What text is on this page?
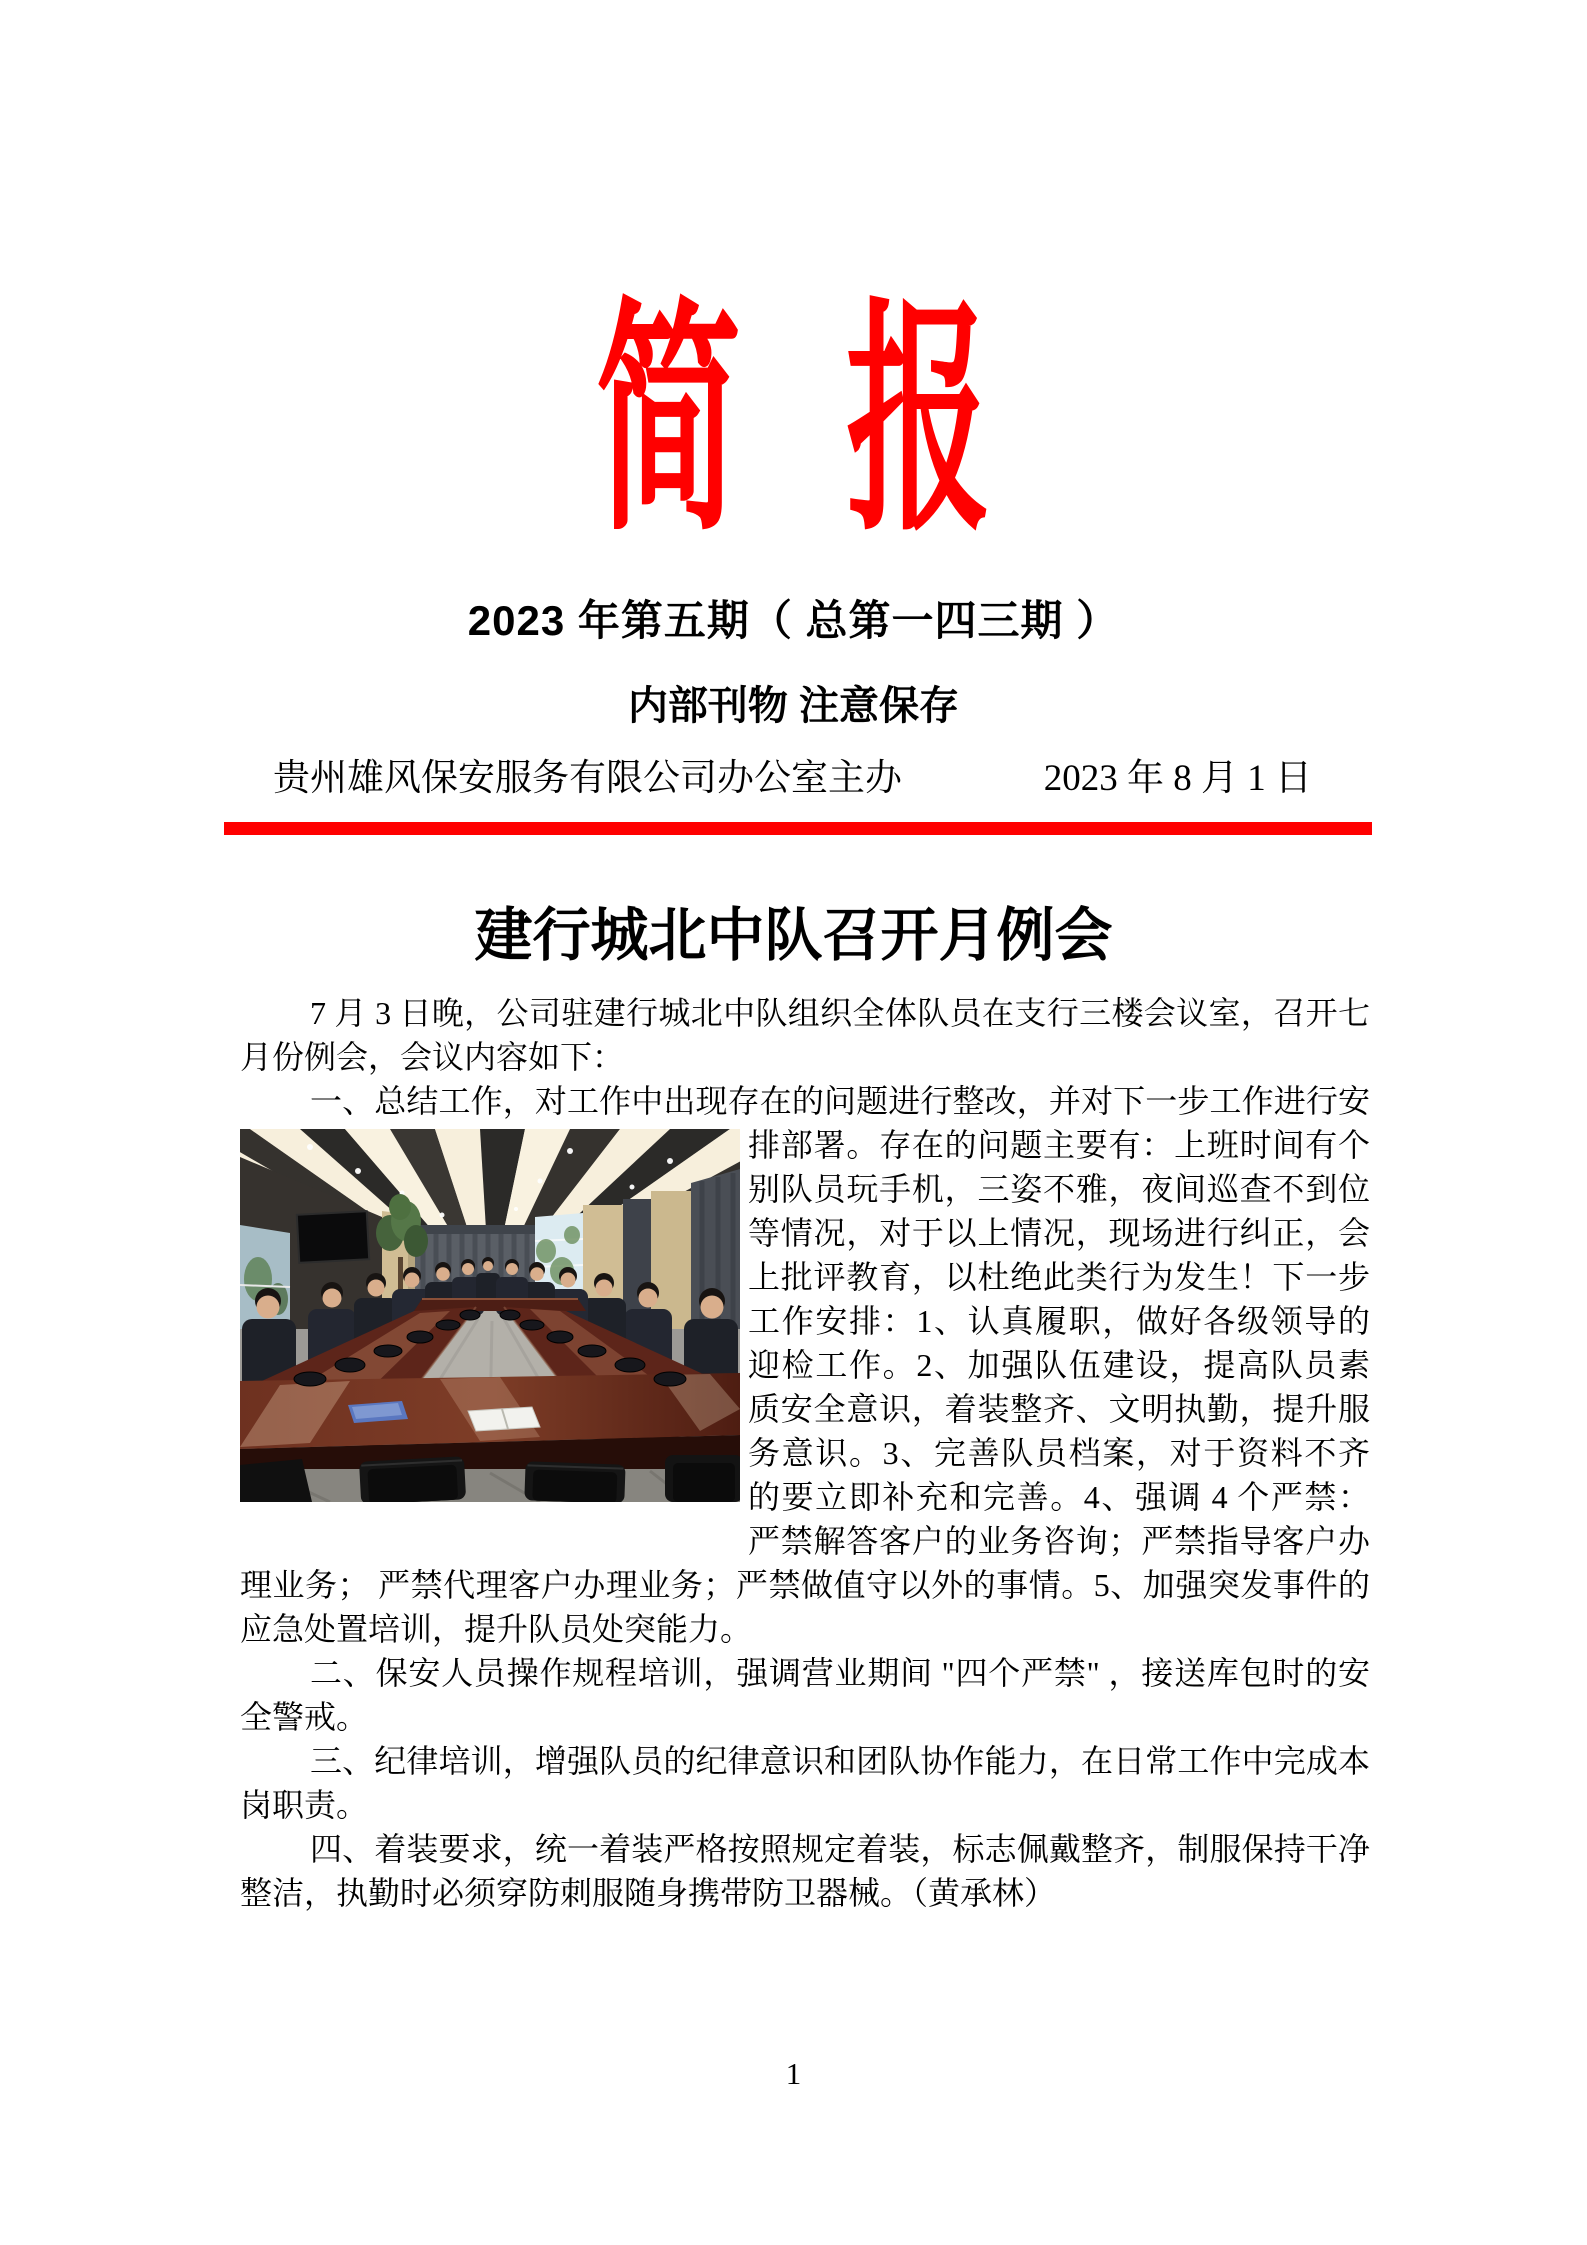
简 报
2023 年第五期（ 总第一四三期 ）
内部刊物 注意保存
贵州雄风保安服务有限公司办公室主办	2023 年 8 月 1 日
建行城北中队召开月例会

7 月 3 日晚，公司驻建行城北中队组织全体队员在支行三楼会议室，召开七月份例会，会议内容如下：

一、总结工作，对工作中出现存在的问题进行整改，并对下一步工作进行安
排部署。存在的问题主要有：上班时间有个别队员玩手机，三姿不雅，夜间巡查不到位等情况，对于以上情况，现场进行纠正，会上批评教育，以杜绝此类行为发生！下一步工作安排：1、认真履职，做好各级领导的迎检工作。2、加强队伍建设，提高队员素质安全意识，着装整齐、文明执勤，提升服务意识。3、完善队员档案，对于资料不齐的要立即补充和完善。4、强调 4 个严禁：严禁解答客户的业务咨询；严禁指导客户办理业务； 严禁代理客户办理业务；严禁做值守以外的事情。5、加强突发事件的应急处置培训，提升队员处突能力。

二、保安人员操作规程培训，强调营业期间 "四个严禁" ，接送库包时的安全警戒。

三、纪律培训，增强队员的纪律意识和团队协作能力，在日常工作中完成本岗职责。

四、着装要求，统一着装严格按照规定着装，标志佩戴整齐，制服保持干净整洁，执勤时必须穿防刺服随身携带防卫器械。（黄承林）

1
